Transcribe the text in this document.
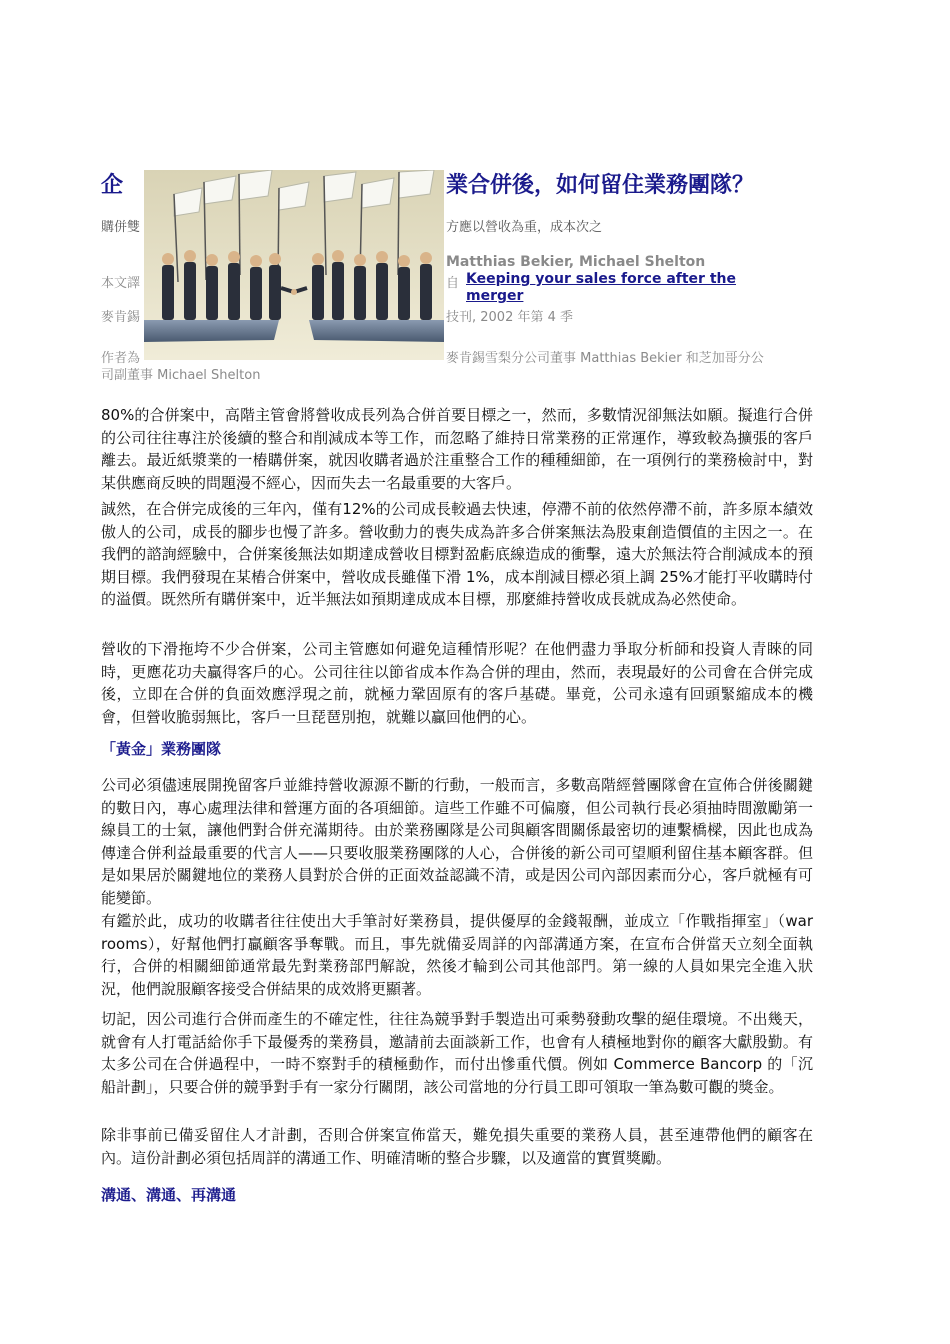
企	業合併後，如何留住業務團隊？
購併雙	方應以營收為重，成本次之
Matthias Bekier, Michael Shelton
本文譯	自 Keeping your sales force after the merger
麥肯錫	技刊, 2002 年第 4 季
作者為	麥肯錫雪梨分公司董事 Matthias Bekier 和芝加哥分公
司副董事 Michael Shelton

80%的合併案中，高階主管會將營收成長列為合併首要目標之一，然而，多數情況卻無法如願。擬進行合併的公司往往專注於後續的整合和削減成本等工作，而忽略了維持日常業務的正常運作，導致較為擴張的客戶離去。最近紙漿業的一樁購併案，就因收購者過於注重整合工作的種種細節，在一項例行的業務檢討中，對某供應商反映的問題漫不經心，因而失去一名最重要的大客戶。

誠然，在合併完成後的三年內，僅有12%的公司成長較過去快速，停滯不前的依然停滯不前，許多原本績效傲人的公司，成長的腳步也慢了許多。營收動力的喪失成為許多合併案無法為股東創造價值的主因之一。在我們的諮詢經驗中，合併案後無法如期達成營收目標對盈虧底線造成的衝擊，遠大於無法符合削減成本的預期目標。我們發現在某樁合併案中，營收成長雖僅下滑 1%，成本削減目標必須上調 25%才能打平收購時付的溢價。既然所有購併案中，近半無法如預期達成成本目標，那麼維持營收成長就成為必然使命。

營收的下滑拖垮不少合併案，公司主管應如何避免這種情形呢？在他們盡力爭取分析師和投資人青睞的同時，更應花功夫贏得客戶的心。公司往往以節省成本作為合併的理由，然而，表現最好的公司會在合併完成後，立即在合併的負面效應浮現之前，就極力鞏固原有的客戶基礎。畢竟，公司永遠有回頭緊縮成本的機會，但營收脆弱無比，客戶一旦琵琶別抱，就難以贏回他們的心。

「黃金」業務團隊

公司必須儘速展開挽留客戶並維持營收源源不斷的行動，一般而言，多數高階經營團隊會在宣佈合併後關鍵的數日內，專心處理法律和營運方面的各項細節。這些工作雖不可偏廢，但公司執行長必須抽時間激勵第一線員工的士氣，讓他們對合併充滿期待。由於業務團隊是公司與顧客間關係最密切的連繫橋樑，因此也成為傳達合併利益最重要的代言人——只要收服業務團隊的人心，合併後的新公司可望順利留住基本顧客群。但是如果居於關鍵地位的業務人員對於合併的正面效益認識不清，或是因公司內部因素而分心，客戶就極有可能變節。

有鑑於此，成功的收購者往往使出大手筆討好業務員，提供優厚的金錢報酬，並成立「作戰指揮室」（war rooms），好幫他們打贏顧客爭奪戰。而且，事先就備妥周詳的內部溝通方案，在宣布合併當天立刻全面執行，合併的相關細節通常最先對業務部門解說，然後才輪到公司其他部門。第一線的人員如果完全進入狀況，他們說服顧客接受合併結果的成效將更顯著。

切記，因公司進行合併而產生的不確定性，往往為競爭對手製造出可乘勢發動攻擊的絕佳環境。不出幾天，就會有人打電話給你手下最優秀的業務員，邀請前去面談新工作，也會有人積極地對你的顧客大獻殷勤。有太多公司在合併過程中，一時不察對手的積極動作，而付出慘重代價。例如 Commerce Bancorp 的「沉船計劃」，只要合併的競爭對手有一家分行關閉，該公司當地的分行員工即可領取一筆為數可觀的獎金。

除非事前已備妥留住人才計劃，否則合併案宣佈當天，難免損失重要的業務人員，甚至連帶他們的顧客在內。這份計劃必須包括周詳的溝通工作、明確清晰的整合步驟，以及適當的實質獎勵。

溝通、溝通、再溝通
